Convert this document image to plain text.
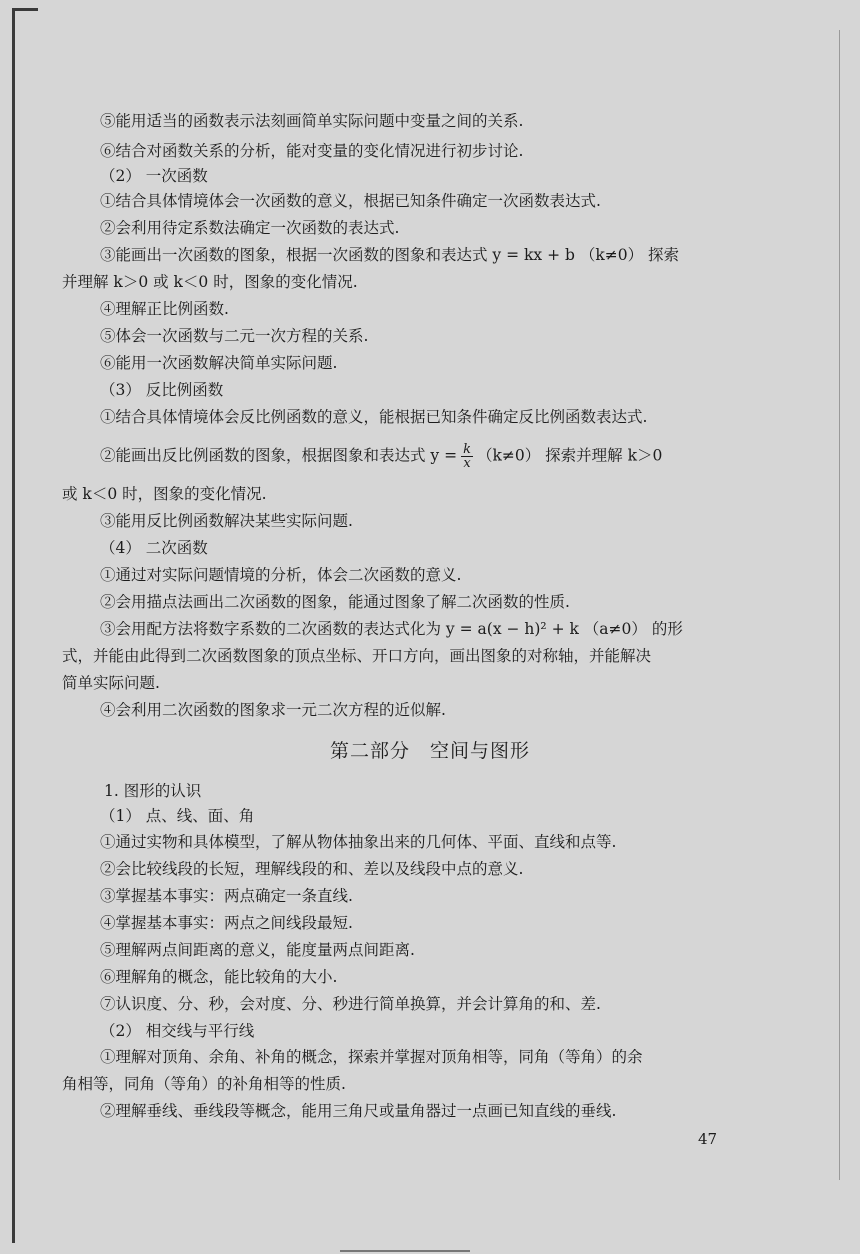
⑤能用适当的函数表示法刻画简单实际问题中变量之间的关系.
⑥结合对函数关系的分析，能对变量的变化情况进行初步讨论.
（2） 一次函数
①结合具体情境体会一次函数的意义，根据已知条件确定一次函数表达式.
②会利用待定系数法确定一次函数的表达式.
③能画出一次函数的图象，根据一次函数的图象和表达式 y = kx + b （k≠0） 探索
并理解 k＞0 或 k＜0 时，图象的变化情况.
④理解正比例函数.
⑤体会一次函数与二元一次方程的关系.
⑥能用一次函数解决简单实际问题.
（3） 反比例函数
①结合具体情境体会反比例函数的意义，能根据已知条件确定反比例函数表达式.
②能画出反比例函数的图象，根据图象和表达式 $y = \frac{k}{x} (k\ne 0)$ 探索并理解 k＞0
或 k＜0 时，图象的变化情况.
③能用反比例函数解决某些实际问题.
（4） 二次函数
①通过对实际问题情境的分析，体会二次函数的意义.
②会用描点法画出二次函数的图象，能通过图象了解二次函数的性质.
③会用配方法将数字系数的二次函数的表达式化为 y = a(x − h)² + k （a≠0） 的形
式，并能由此得到二次函数图象的顶点坐标、开口方向，画出图象的对称轴，并能解决
简单实际问题.
④会利用二次函数的图象求一元二次方程的近似解.
第二部分　空间与图形
1. 图形的认识
（1） 点、线、面、角
①通过实物和具体模型，了解从物体抽象出来的几何体、平面、直线和点等.
②会比较线段的长短，理解线段的和、差以及线段中点的意义.
③掌握基本事实：两点确定一条直线.
④掌握基本事实：两点之间线段最短.
⑤理解两点间距离的意义，能度量两点间距离.
⑥理解角的概念，能比较角的大小.
⑦认识度、分、秒，会对度、分、秒进行简单换算，并会计算角的和、差.
（2） 相交线与平行线
①理解对顶角、余角、补角的概念，探索并掌握对顶角相等，同角（等角）的余
角相等，同角（等角）的补角相等的性质.
②理解垂线、垂线段等概念，能用三角尺或量角器过一点画已知直线的垂线.
47
